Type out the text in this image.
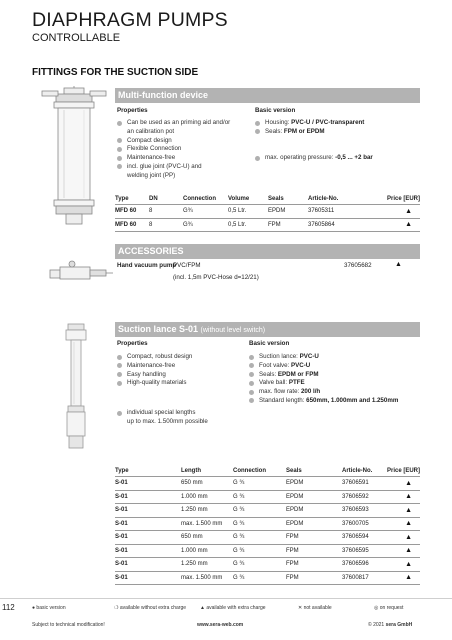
DIAPHRAGM PUMPS
CONTROLLABLE
FITTINGS FOR THE SUCTION SIDE
Multi-function device
Properties	Basic version
Can be used as an priming aid and/or
an calibration pot
Compact design
Flexible Connection
Maintenance-free
incl. glue joint (PVC-U) and
welding joint (PP)
Housing: PVC-U / PVC-transparent
Seals: FPM or EPDM
max. operating pressure: -0,5 ... +2 bar
Type	DN	Connection	Volume	Seals	Article-No.	Price [EUR]
MFD 60	8	G¾	0,5 Ltr.	EPDM	37605311	▲
MFD 60	8	G¾	0,5 Ltr.	FPM	37605864	▲
ACCESSORIES
Hand vacuum pump
PVC/FPM
(incl. 1,5m PVC-Hose d=12/21)
37605682	▲
Suction lance S-01 (without level switch)
Properties	Basic version
Compact, robust design
Maintenance-free
Easy handling
High-quality materials
individual special lengths
up to max. 1.500mm possible
Suction lance: PVC-U
Foot valve: PVC-U
Seals: EPDM or FPM
Valve ball: PTFE
max. flow rate: 200 l/h
Standard length: 650mm, 1.000mm and 1.250mm
Type	Length	Connection	Seals	Article-No.	Price [EUR]
S-01	650 mm	G ¾	EPDM	37606591	▲
S-01	1.000 mm	G ¾	EPDM	37606592	▲
S-01	1.250 mm	G ¾	EPDM	37606593	▲
S-01	max. 1.500 mm	G ¾	EPDM	37600705	▲
S-01	650 mm	G ¾	FPM	37606594	▲
S-01	1.000 mm	G ¾	FPM	37606595	▲
S-01	1.250 mm	G ¾	FPM	37606596	▲
S-01	max. 1.500 mm	G ¾	FPM	37600817	▲
112	● basic version	❍ available without extra charge	▲ available with extra charge	✕ not available	◎ on request
Subject to technical modification!	www.sera-web.com	© 2021 sera GmbH
